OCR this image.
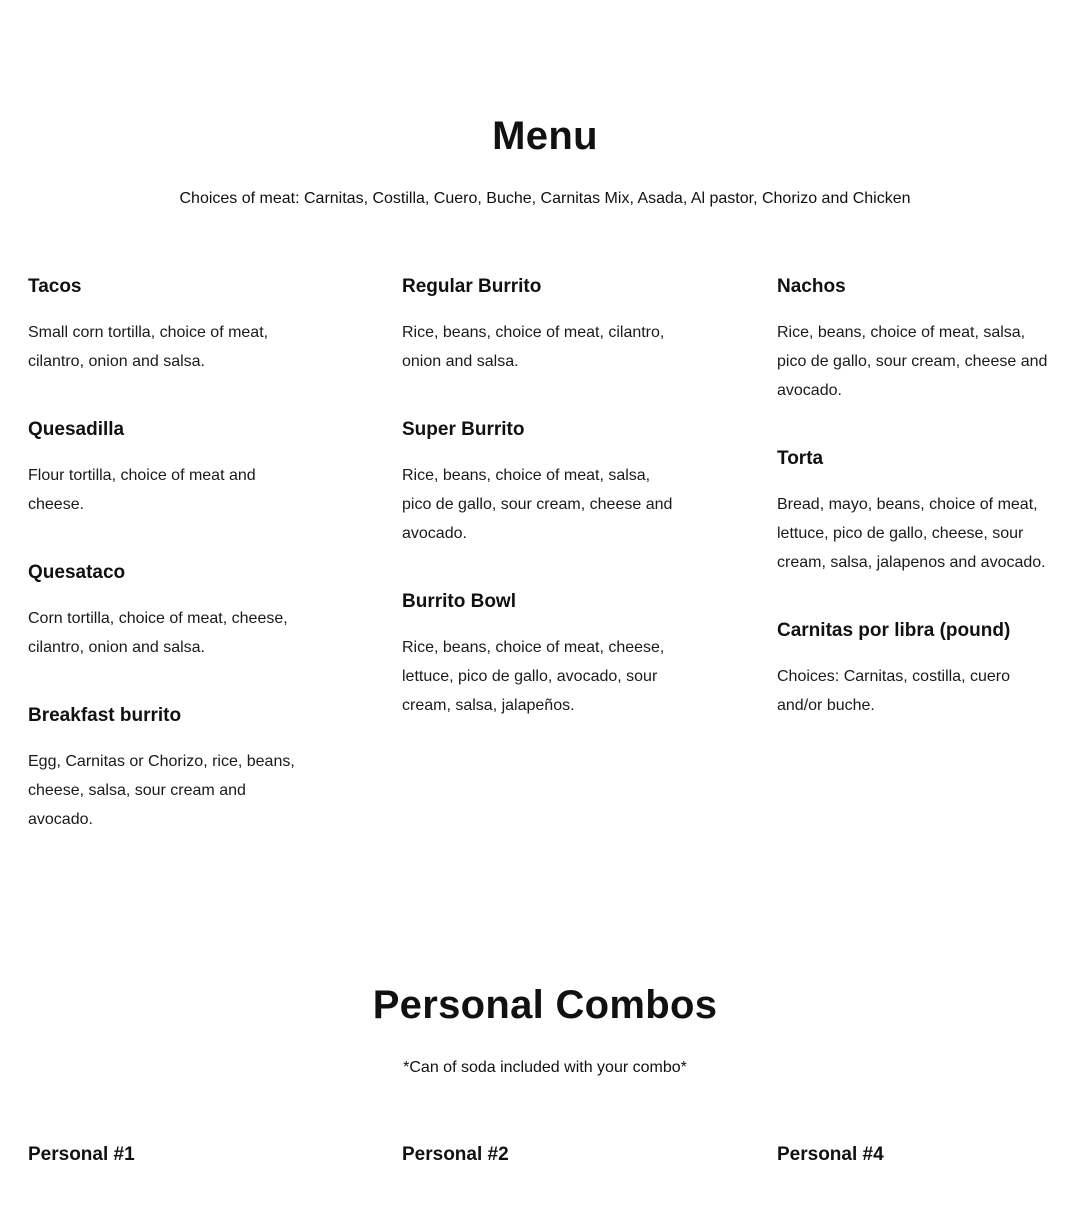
Menu

Choices of meat: Carnitas, Costilla, Cuero, Buche, Carnitas Mix, Asada, Al pastor, Chorizo and Chicken

Tacos

Small corn tortilla, choice of meat, cilantro, onion and salsa.

Quesadilla

Flour tortilla, choice of meat and cheese.

Quesataco

Corn tortilla, choice of meat, cheese, cilantro, onion and salsa.

Breakfast burrito

Egg, Carnitas or Chorizo, rice, beans, cheese, salsa, sour cream and avocado.

Regular Burrito

Rice, beans, choice of meat, cilantro, onion and salsa.

Super Burrito

Rice, beans, choice of meat, salsa, pico de gallo, sour cream, cheese and avocado.

Burrito Bowl

Rice, beans, choice of meat, cheese, lettuce, pico de gallo, avocado, sour cream, salsa, jalapeños.

Nachos

Rice, beans, choice of meat, salsa, pico de gallo, sour cream, cheese and avocado.

Torta

Bread, mayo, beans, choice of meat, lettuce, pico de gallo, cheese, sour cream, salsa, jalapenos and avocado.

Carnitas por libra (pound)

Choices: Carnitas, costilla, cuero and/or buche.

Personal Combos

*Can of soda included with your combo*

Personal #1	Personal #2	Personal #4
